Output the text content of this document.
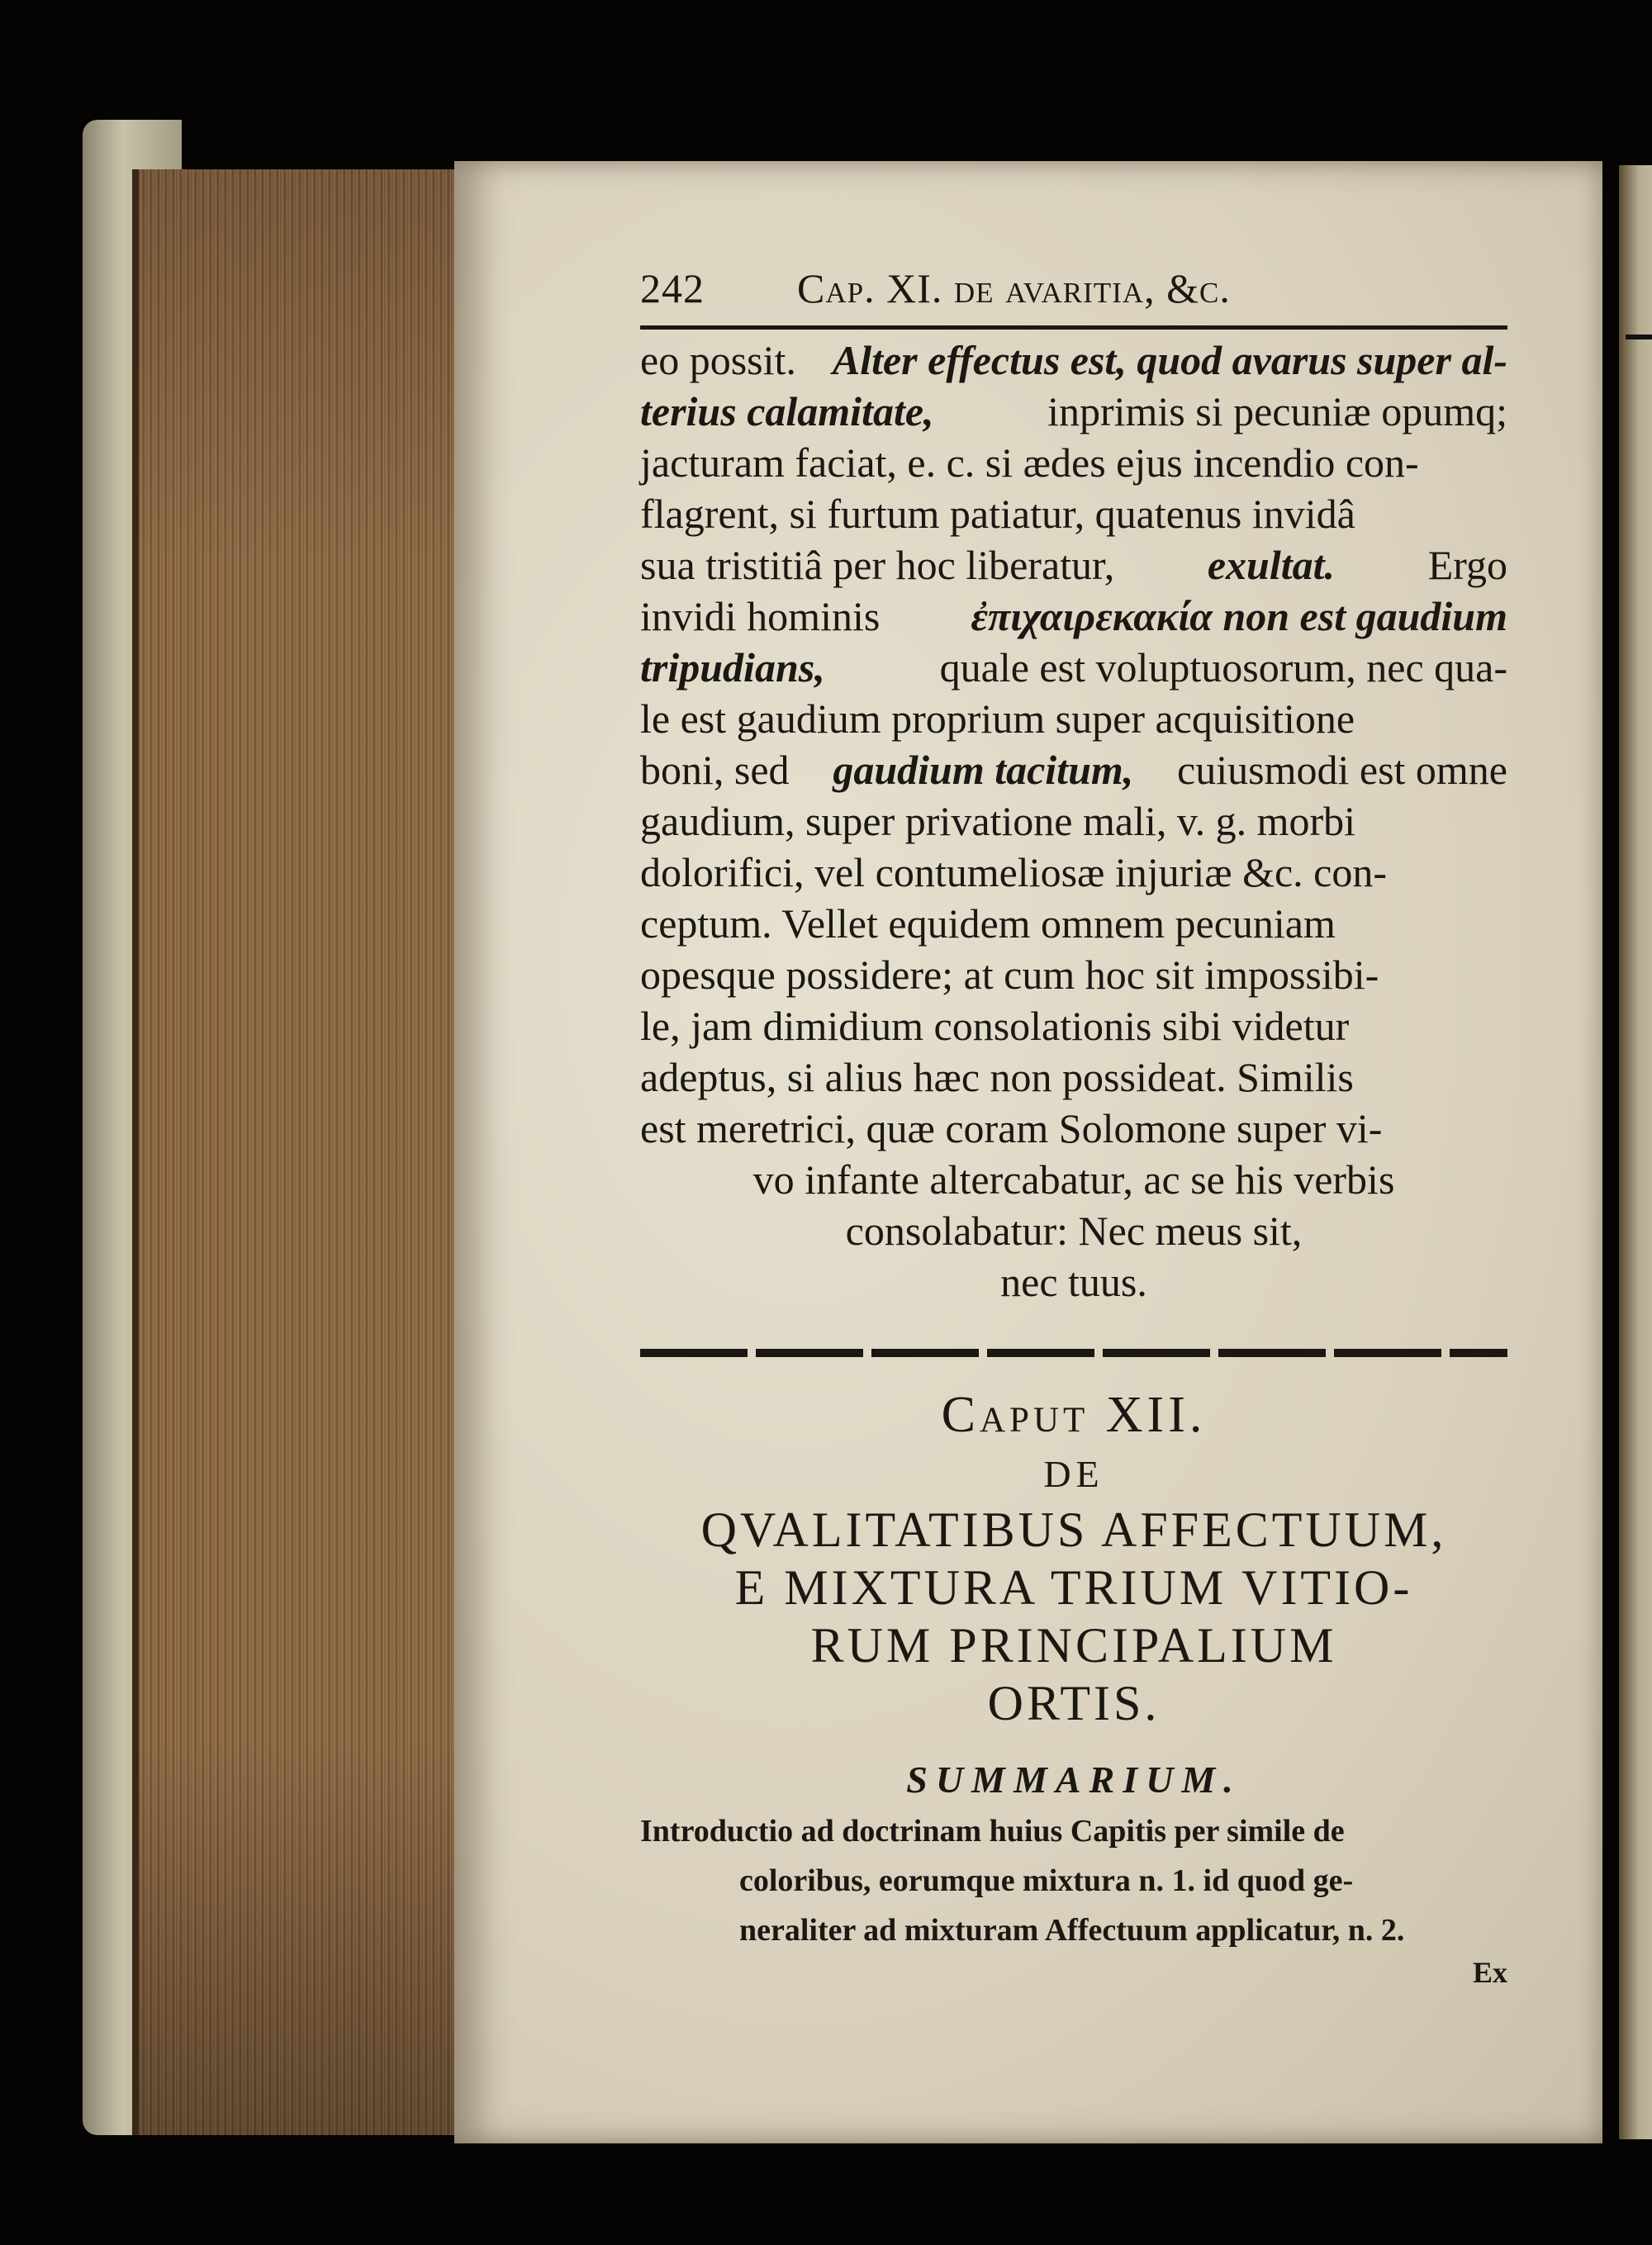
242	Cap. XI. de avaritia, &c.
eo possit. Alter effectus est, quod avarus super al-
terius calamitate,	inprimis si pecuniæ opumq;
jacturam faciat, e. c. si ædes ejus incendio con-
flagrent, si furtum patiatur, quatenus invidâ
sua tristitiâ per hoc liberatur, exultat. Ergo
invidi hominis ἐπιχαιρεκακία non est gaudium
tripudians,	quale est voluptuosorum, nec qua-
le est gaudium proprium super acquisitione
boni, sed gaudium tacitum, cuiusmodi est omne
gaudium, super privatione mali, v. g. morbi
dolorifici, vel contumeliosæ injuriæ &c. con-
ceptum. Vellet equidem omnem pecuniam
opesque possidere; at cum hoc sit impossibi-
le, jam dimidium consolationis sibi videtur
adeptus, si alius hæc non possideat. Similis
est meretrici, quæ coram Solomone super vi-
vo infante altercabatur, ac se his verbis
consolabatur: Nec meus sit,
nec tuus.
Caput XII.
DE
QVALITATIBUS AFFECTUUM,
E MIXTURA TRIUM VITIO-
RUM PRINCIPALIUM
ORTIS.
SUMMARIUM.
Introductio ad doctrinam huius Capitis per simile de
coloribus, eorumque mixtura n. 1. id quod ge-
neraliter ad mixturam Affectuum applicatur, n. 2.
Ex
